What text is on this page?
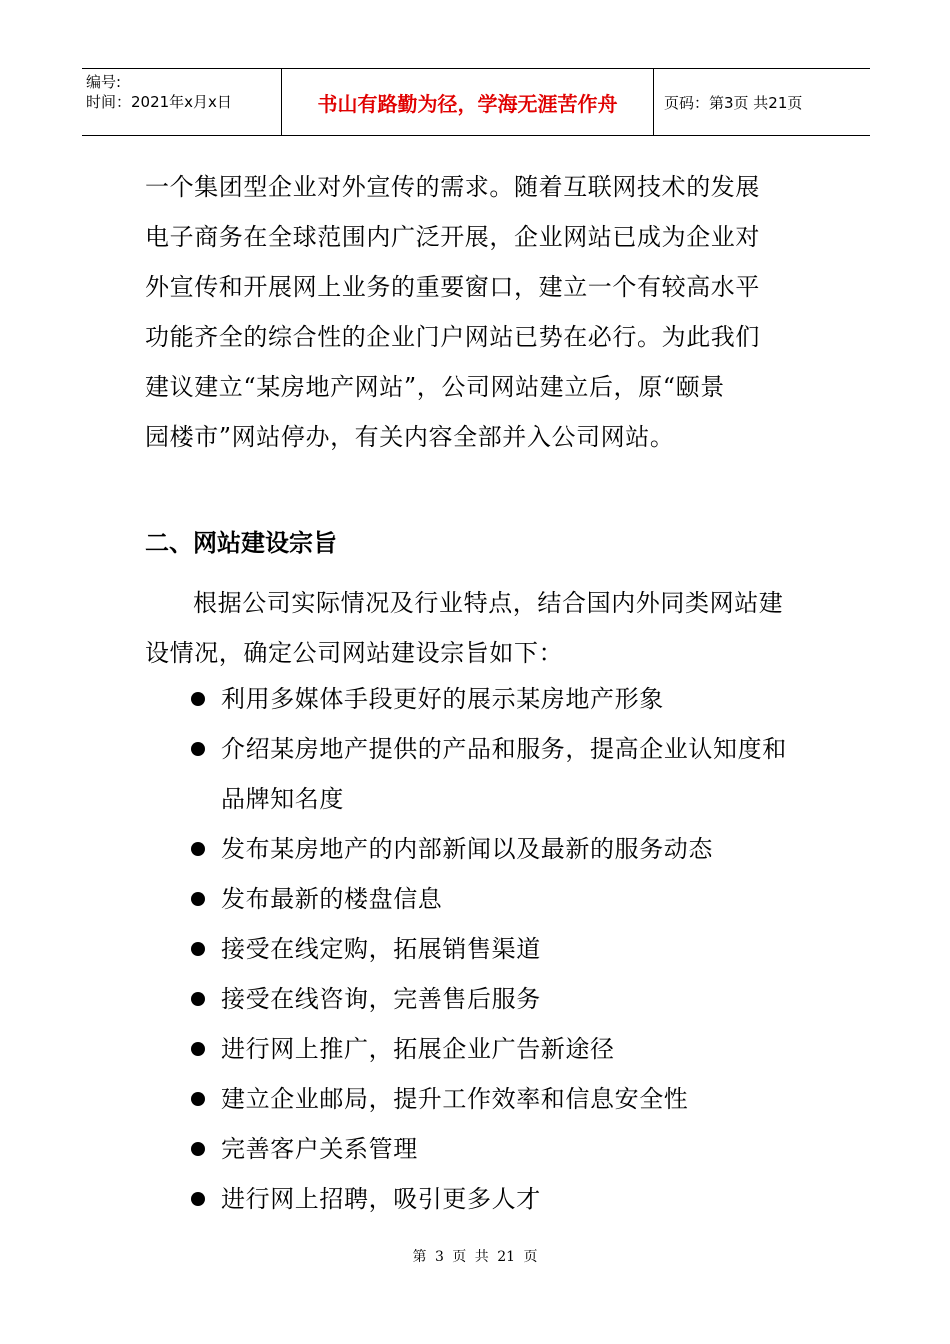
编号:
时间：2021年x月x日	书山有路勤为径，学海无涯苦作舟	页码：第3页 共21页

一个集团型企业对外宣传的需求。随着互联网技术的发展

电子商务在全球范围内广泛开展，企业网站已成为企业对

外宣传和开展网上业务的重要窗口，建立一个有较高水平

功能齐全的综合性的企业门户网站已势在必行。为此我们

建议建立“某房地产网站”，公司网站建立后，原“颐景

园楼市”网站停办，有关内容全部并入公司网站。

二、网站建设宗旨

根据公司实际情况及行业特点，结合国内外同类网站建

设情况，确定公司网站建设宗旨如下：

利用多媒体手段更好的展示某房地产形象
介绍某房地产提供的产品和服务，提高企业认知度和品牌知名度
发布某房地产的内部新闻以及最新的服务动态
发布最新的楼盘信息
接受在线定购，拓展销售渠道
接受在线咨询，完善售后服务
进行网上推广，拓展企业广告新途径
建立企业邮局，提升工作效率和信息安全性
完善客户关系管理
进行网上招聘，吸引更多人才
第 3 页 共 21 页
